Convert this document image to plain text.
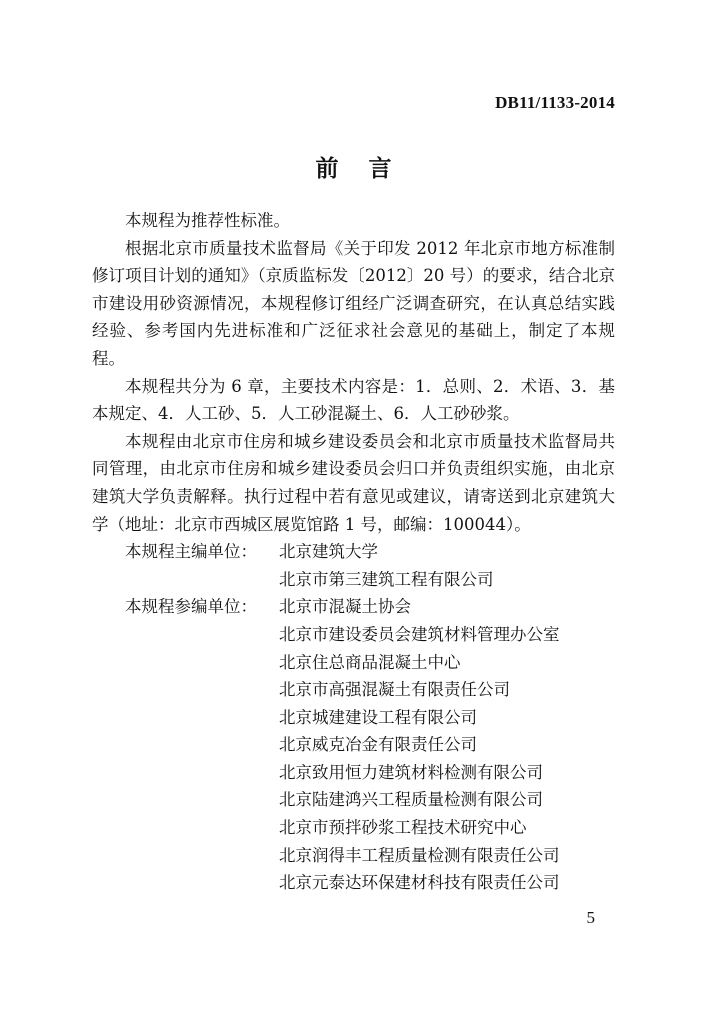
DB11/1133-2014
前言

本规程为推荐性标准。

根据北京市质量技术监督局《关于印发 2012 年北京市地方标准制修订项目计划的通知》（京质监标发〔2012〕20 号）的要求，结合北京市建设用砂资源情况，本规程修订组经广泛调查研究，在认真总结实践经验、参考国内先进标准和广泛征求社会意见的基础上，制定了本规程。

本规程共分为 6 章，主要技术内容是：1．总则、2．术语、3．基本规定、4．人工砂、5．人工砂混凝土、6．人工砂砂浆。

本规程由北京市住房和城乡建设委员会和北京市质量技术监督局共同管理，由北京市住房和城乡建设委员会归口并负责组织实施，由北京建筑大学负责解释。执行过程中若有意见或建议，请寄送到北京建筑大学（地址：北京市西城区展览馆路 1 号，邮编：100044）。

本规程主编单位：	北京建筑大学
北京市第三建筑工程有限公司
本规程参编单位：	北京市混凝土协会
北京市建设委员会建筑材料管理办公室
北京住总商品混凝土中心
北京市高强混凝土有限责任公司
北京城建建设工程有限公司
北京威克冶金有限责任公司
北京致用恒力建筑材料检测有限公司
北京陆建鸿兴工程质量检测有限公司
北京市预拌砂浆工程技术研究中心
北京润得丰工程质量检测有限责任公司
北京元泰达环保建材科技有限责任公司
5
